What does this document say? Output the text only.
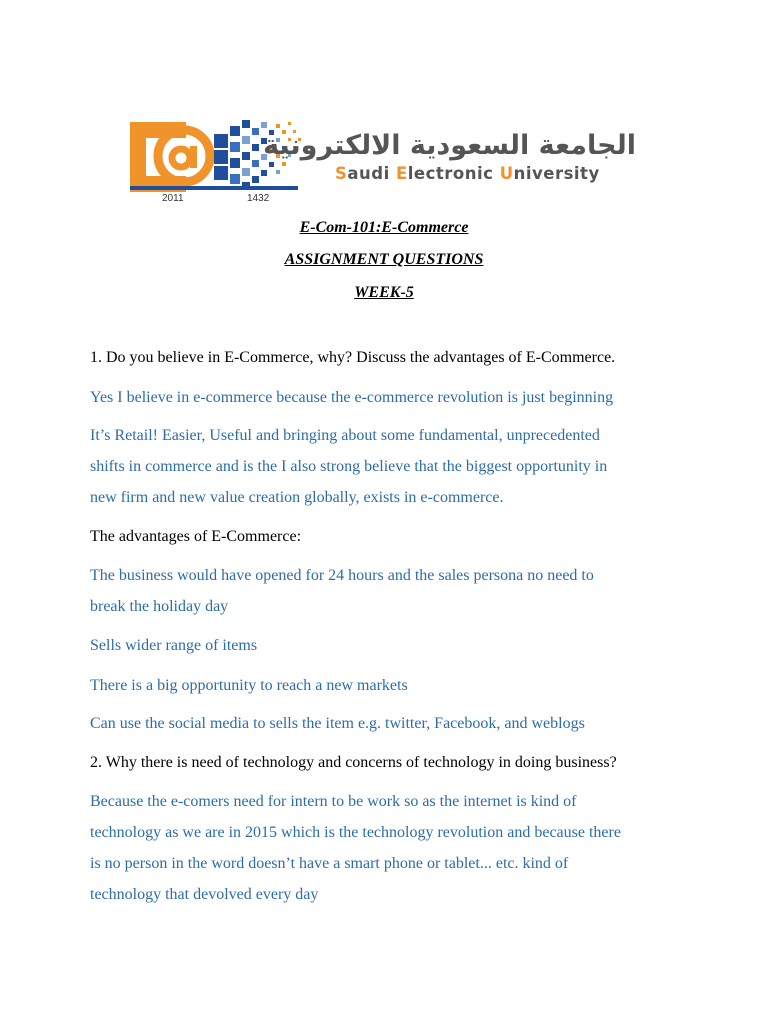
2011	1432
الجامعة السعودية الالكترونية
Saudi Electronic University
E-Com-101:E-Commerce
ASSIGNMENT QUESTIONS
WEEK-5
1. Do you believe in E-Commerce, why? Discuss the advantages of E-Commerce.
Yes I believe in e-commerce because the e-commerce revolution is just beginning
It’s Retail! Easier, Useful and bringing about some fundamental, unprecedented
shifts in commerce and is the I also strong believe that the biggest opportunity in
new firm and new value creation globally, exists in e-commerce.
The advantages of E-Commerce:
The business would have opened for 24 hours and the sales persona no need to
break the holiday day
Sells wider range of items
There is a big opportunity to reach a new markets
Can use the social media to sells the item e.g. twitter, Facebook, and weblogs
2. Why there is need of technology and concerns of technology in doing business?
Because the e-comers need for intern to be work so as the internet is kind of
technology as we are in 2015 which is the technology revolution and because there
is no person in the word doesn’t have a smart phone or tablet... etc. kind of
technology that devolved every day
